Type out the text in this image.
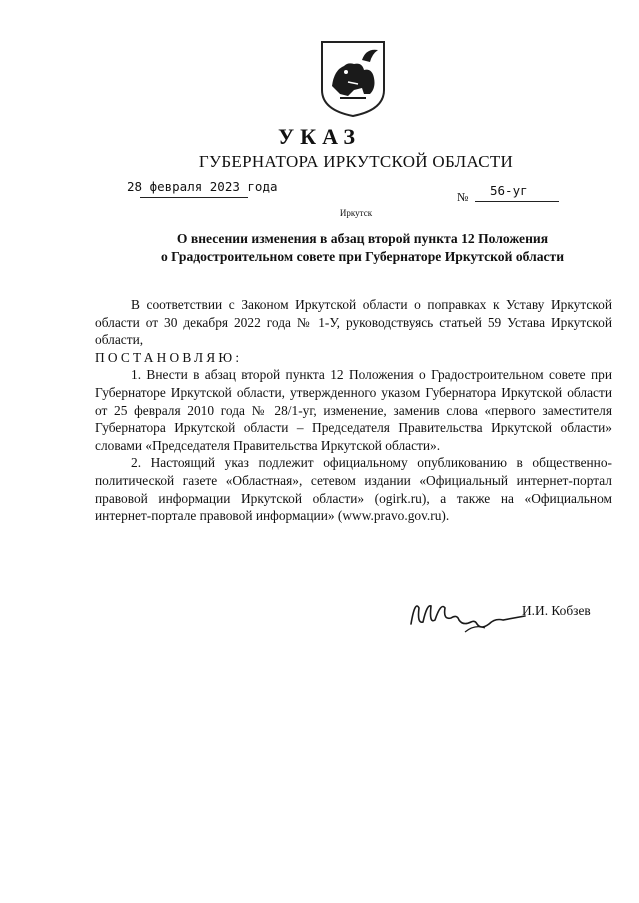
УКАЗ
ГУБЕРНАТОРА ИРКУТСКОЙ ОБЛАСТИ
28 февраля 2023 года
№ 56-уг
Иркутск
О внесении изменения в абзац второй пункта 12 Положения
о Градостроительном совете при Губернаторе Иркутской области

В соответствии с Законом Иркутской области о поправках к Уставу Иркутской области от 30 декабря 2022 года № 1-У, руководствуясь статьей 59 Устава Иркутской области,

ПОСТАНОВЛЯЮ:

1. Внести в абзац второй пункта 12 Положения о Градостроительном совете при Губернаторе Иркутской области, утвержденного указом Губернатора Иркутской области от 25 февраля 2010 года № 28/1-уг, изменение, заменив слова «первого заместителя Губернатора Иркутской области – Председателя Правительства Иркутской области» словами «Председателя Правительства Иркутской области».

2. Настоящий указ подлежит официальному опубликованию в общественно-политической газете «Областная», сетевом издании «Официальный интернет-портал правовой информации Иркутской области» (ogirk.ru), а также на «Официальном интернет-портале правовой информации» (www.pravo.gov.ru).

И.И. Кобзев
